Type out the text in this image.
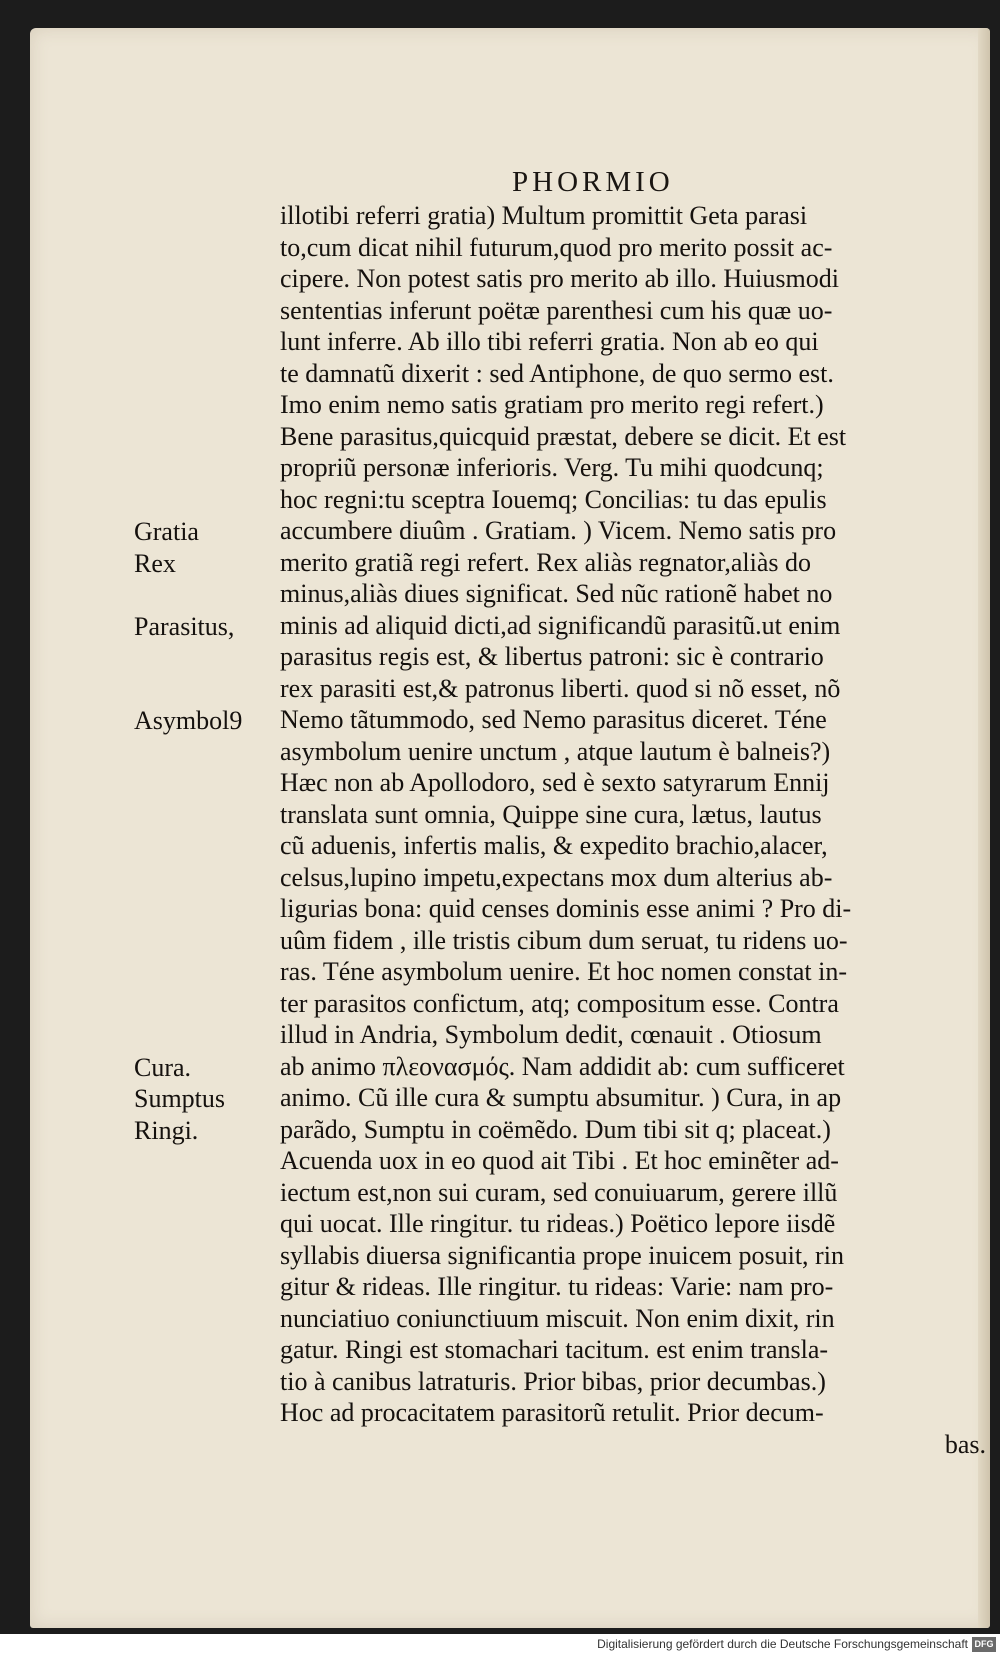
PHORMIO
illotibi referri gratia) Multum promittit Geta parasi
to,cum dicat nihil futurum,quod pro merito possit ac-
cipere. Non potest satis pro merito ab illo. Huiusmodi
sententias inferunt poëtæ parenthesi cum his quæ uo-
lunt inferre. Ab illo tibi referri gratia. Non ab eo qui
te damnatũ dixerit : sed Antiphone, de quo sermo est.
Imo enim nemo satis gratiam pro merito regi refert.)
Bene parasitus,quicquid præstat, debere se dicit. Et est
propriũ personæ inferioris. Verg. Tu mihi quodcunq;
hoc regni:tu sceptra Iouemq; Concilias: tu das epulis
accumbere diuûm . Gratiam. ) Vicem. Nemo satis pro
merito gratiã regi refert. Rex aliàs regnator,aliàs do
minus,aliàs diues significat. Sed nũc rationẽ habet no
minis ad aliquid dicti,ad significandũ parasitũ.ut enim
parasitus regis est, & libertus patroni: sic è contrario
rex parasiti est,& patronus liberti. quod si nõ esset, nõ
Nemo tãtummodo, sed Nemo parasitus diceret. Téne
asymbolum uenire unctum , atque lautum è balneis?)
Hæc non ab Apollodoro, sed è sexto satyrarum Ennij
translata sunt omnia, Quippe sine cura, lætus, lautus
cũ aduenis, infertis malis, & expedito brachio,alacer,
celsus,lupino impetu,expectans mox dum alterius ab-
ligurias bona: quid censes dominis esse animi ? Pro di-
uûm fidem , ille tristis cibum dum seruat, tu ridens uo-
ras. Téne asymbolum uenire. Et hoc nomen constat in-
ter parasitos confictum, atq; compositum esse. Contra
illud in Andria, Symbolum dedit, cœnauit . Otiosum
ab animo πλεονασμός. Nam addidit ab: cum sufficeret
animo. Cũ ille cura & sumptu absumitur. ) Cura, in ap
parãdo, Sumptu in coëmẽdo. Dum tibi sit q; placeat.)
Acuenda uox in eo quod ait Tibi . Et hoc eminẽter ad-
iectum est,non sui curam, sed conuiuarum, gerere illũ
qui uocat. Ille ringitur. tu rideas.) Poëtico lepore iisdẽ
syllabis diuersa significantia prope inuicem posuit, rin
gitur & rideas. Ille ringitur. tu rideas: Varie: nam pro-
nunciatiuo coniunctiuum miscuit. Non enim dixit, rin
gatur. Ringi est stomachari tacitum. est enim transla-
tio à canibus latraturis. Prior bibas, prior decumbas.)
Hoc ad procacitatem parasitorũ retulit. Prior decum-
bas.
Gratia
Rex
Parasitus,
Asymbol9
Cura.
Sumptus
Ringi.
Digitalisierung gefördert durch die Deutsche Forschungsgemeinschaft DFG
